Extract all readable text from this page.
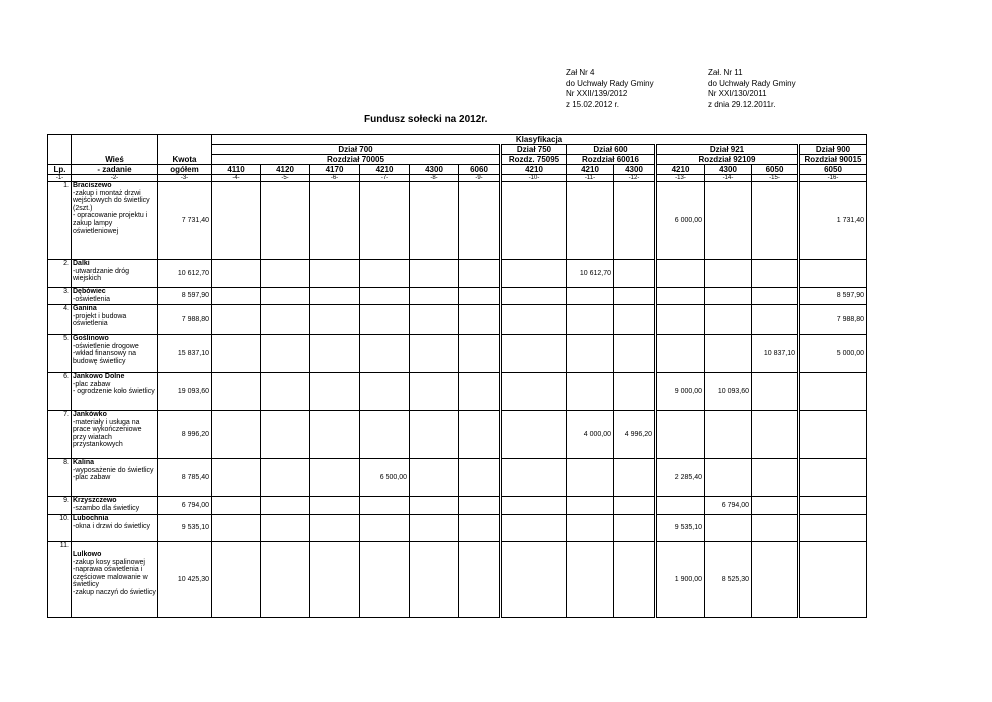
Zał Nr 4
do Uchwały Rady Gminy
Nr XXII/139/2012
z 15.02.2012 r.
Zał. Nr 11
do Uchwały Rady Gminy
Nr XXI/130/2011
z dnia 29.12.2011r.
Fundusz sołecki na 2012r.
	Wieś	Kwota	Klasyfikacja												
			Dział 700						Dział 750	Dział 600		Dział 921			Dział 900
			Rozdział 70005						Rozdz. 75095	Rozdział 60016		Rozdział 92109			Rozdział 90015
Lp.	- zadanie	ogółem	4110	4120	4170	4210	4300	6060	4210	4210	4300	4210	4300	6050	6050
-1-	-2-	-3-	-4-	-5-	-6-	-7-	-8-	-9-	-10-	-11-	-12-	-13-	-14-	-15-	-16-
1.	Braciszewo
-zakup i montaż drzwi wejściowych do świetlicy (2szt.)
- opracowanie projektu i zakup lampy oświetleniowej	7 731,40										6 000,00			1 731,40
2.	Dalki
-utwardzanie dróg wiejskich	10 612,70								10 612,70					
3.	Dębówiec
-oświetlenia	8 597,90													8 597,90
4.	Ganina
-projekt i budowa oświetlenia	7 988,80													7 988,80
5.	Goślinowo
-oświetlenie drogowe
-wkład finansowy na budowę świetlicy	15 837,10												10 837,10	5 000,00
6.	Jankowo Dolne
-plac zabaw
- ogrodzenie koło świetlicy	19 093,60										9 000,00	10 093,60		
7.	Jankówko
-materiały i usługa na prace wykończeniowe przy wiatach przystankowych	8 996,20								4 000,00	4 996,20				
8.	Kalina
-wyposażenie do świetlicy
-plac zabaw	8 785,40				6 500,00						2 285,40			
9.	Krzyszczewo
-szambo dla świetlicy	6 794,00											6 794,00		
10.	Lubochnia
-okna i drzwi do świetlicy	9 535,10										9 535,10			
11.	Lulkowo
-zakup kosy spalinowej
-naprawa oświetlenia i częściowe malowanie w świetlicy
-zakup naczyń do świetlicy	10 425,30										1 900,00	8 525,30		
